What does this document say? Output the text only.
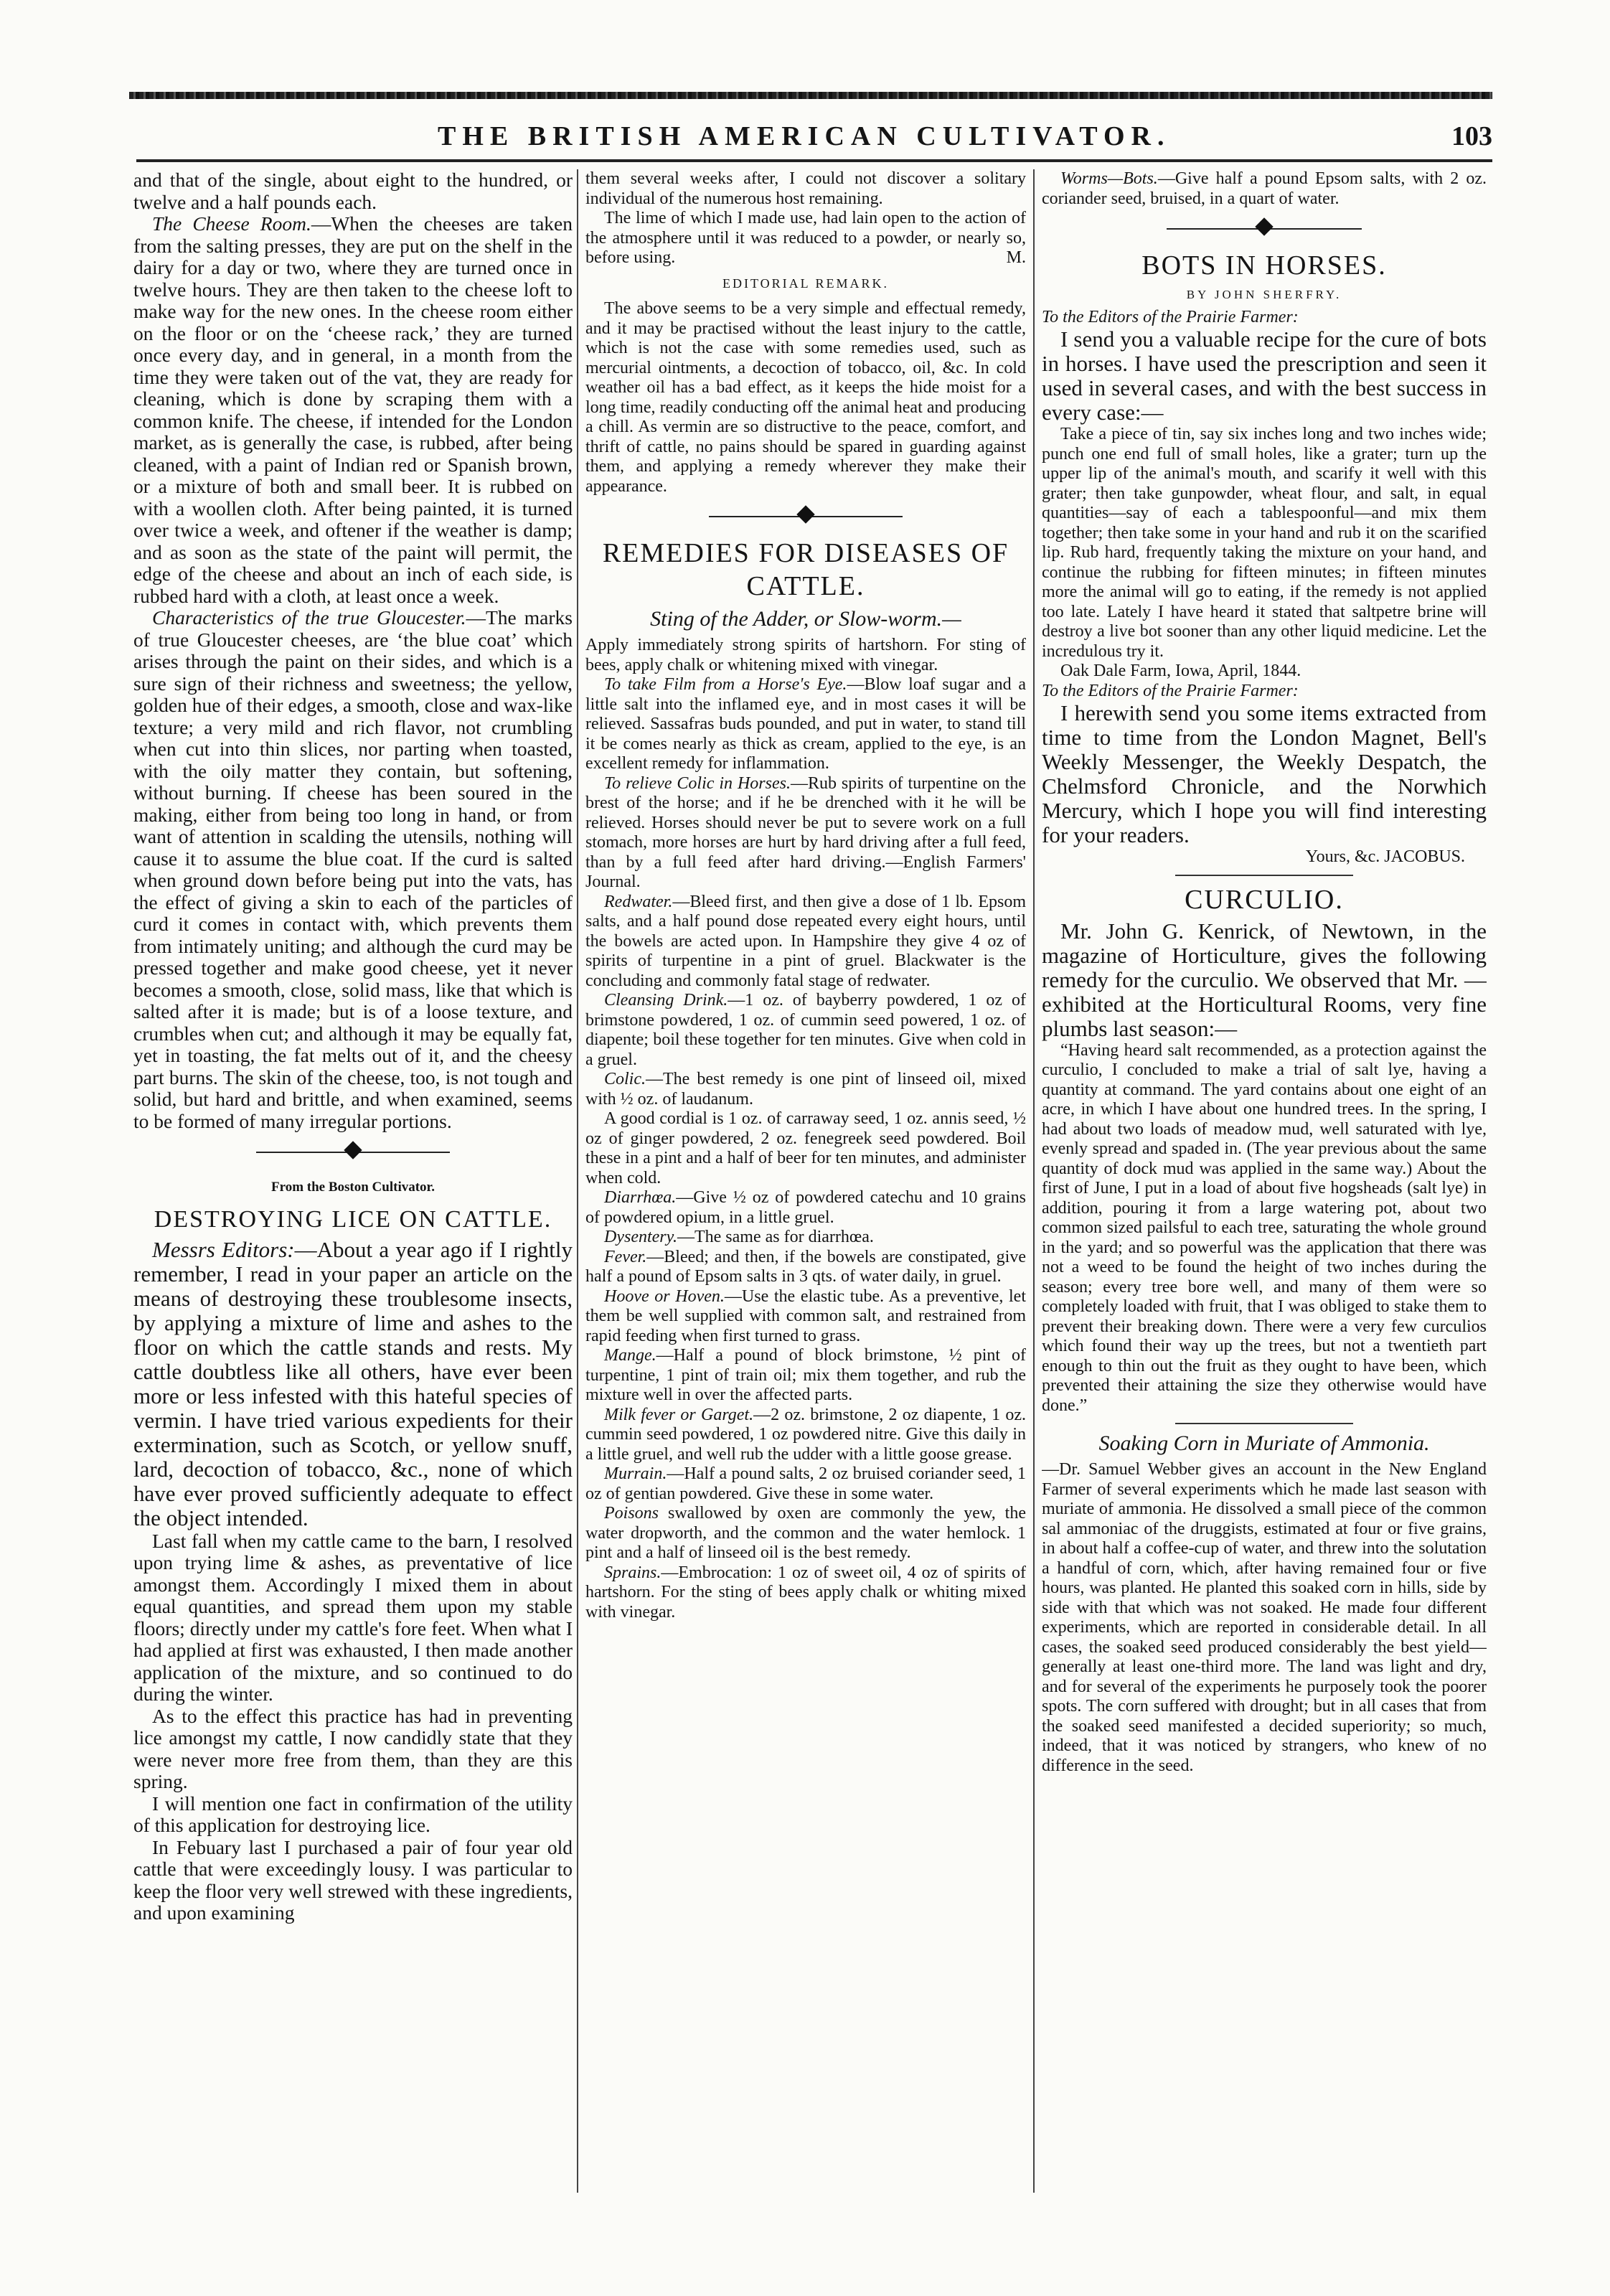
THE BRITISH AMERICAN CULTIVATOR.	103

and that of the single, about eight to the hundred, or twelve and a half pounds each.

The Cheese Room.—When the cheeses are taken from the salting presses, they are put on the shelf in the dairy for a day or two, where they are turned once in twelve hours. They are then taken to the cheese loft to make way for the new ones. In the cheese room either on the floor or on the ‘cheese rack,’ they are turned once every day, and in general, in a month from the time they were taken out of the vat, they are ready for cleaning, which is done by scraping them with a common knife. The cheese, if intended for the London market, as is generally the case, is rubbed, after being cleaned, with a paint of Indian red or Spanish brown, or a mixture of both and small beer. It is rubbed on with a woollen cloth. After being painted, it is turned over twice a week, and oftener if the weather is damp; and as soon as the state of the paint will permit, the edge of the cheese and about an inch of each side, is rubbed hard with a cloth, at least once a week.

Characteristics of the true Gloucester.—The marks of true Gloucester cheeses, are ‘the blue coat’ which arises through the paint on their sides, and which is a sure sign of their richness and sweetness; the yellow, golden hue of their edges, a smooth, close and wax-like texture; a very mild and rich flavor, not crumbling when cut into thin slices, nor parting when toasted, with the oily matter they contain, but softening, without burning. If cheese has been soured in the making, either from being too long in hand, or from want of attention in scalding the utensils, nothing will cause it to assume the blue coat. If the curd is salted when ground down before being put into the vats, has the effect of giving a skin to each of the particles of curd it comes in contact with, which prevents them from intimately uniting; and although the curd may be pressed together and make good cheese, yet it never becomes a smooth, close, solid mass, like that which is salted after it is made; but is of a loose texture, and crumbles when cut; and although it may be equally fat, yet in toasting, the fat melts out of it, and the cheesy part burns. The skin of the cheese, too, is not tough and solid, but hard and brittle, and when examined, seems to be formed of many irregular portions.

From the Boston Cultivator.
DESTROYING LICE ON CATTLE.

Messrs Editors:—About a year ago if I rightly remember, I read in your paper an article on the means of destroying these troublesome insects, by applying a mixture of lime and ashes to the floor on which the cattle stands and rests. My cattle doubtless like all others, have ever been more or less infested with this hateful species of vermin. I have tried various expedients for their extermination, such as Scotch, or yellow snuff, lard, decoction of tobacco, &c., none of which have ever proved sufficiently adequate to effect the object intended.

Last fall when my cattle came to the barn, I resolved upon trying lime & ashes, as preventative of lice amongst them. Accordingly I mixed them in about equal quantities, and spread them upon my stable floors; directly under my cattle's fore feet. When what I had applied at first was exhausted, I then made another application of the mixture, and so continued to do during the winter.

As to the effect this practice has had in preventing lice amongst my cattle, I now candidly state that they were never more free from them, than they are this spring.

I will mention one fact in confirmation of the utility of this application for destroying lice.

In Febuary last I purchased a pair of four year old cattle that were exceedingly lousy. I was particular to keep the floor very well strewed with these ingredients, and upon examining

them several weeks after, I could not discover a solitary individual of the numerous host remaining.

The lime of which I made use, had lain open to the action of the atmosphere until it was reduced to a powder, or nearly so, before using.	M.

EDITORIAL REMARK.

The above seems to be a very simple and effectual remedy, and it may be practised without the least injury to the cattle, which is not the case with some remedies used, such as mercurial ointments, a decoction of tobacco, oil, &c. In cold weather oil has a bad effect, as it keeps the hide moist for a long time, readily conducting off the animal heat and producing a chill. As vermin are so distructive to the peace, comfort, and thrift of cattle, no pains should be spared in guarding against them, and applying a remedy wherever they make their appearance.

REMEDIES FOR DISEASES OF CATTLE.
Sting of the Adder, or Slow-worm.—

Apply immediately strong spirits of hartshorn. For sting of bees, apply chalk or whitening mixed with vinegar.

To take Film from a Horse's Eye.—Blow loaf sugar and a little salt into the inflamed eye, and in most cases it will be relieved. Sassafras buds pounded, and put in water, to stand till it be comes nearly as thick as cream, applied to the eye, is an excellent remedy for inflammation.

To relieve Colic in Horses.—Rub spirits of turpentine on the brest of the horse; and if he be drenched with it he will be relieved. Horses should never be put to severe work on a full stomach, more horses are hurt by hard driving after a full feed, than by a full feed after hard driving.—English Farmers' Journal.

Redwater.—Bleed first, and then give a dose of 1 lb. Epsom salts, and a half pound dose repeated every eight hours, until the bowels are acted upon. In Hampshire they give 4 oz of spirits of turpentine in a pint of gruel. Blackwater is the concluding and commonly fatal stage of redwater.

Cleansing Drink.—1 oz. of bayberry powdered, 1 oz of brimstone powdered, 1 oz. of cummin seed powered, 1 oz. of diapente; boil these together for ten minutes. Give when cold in a gruel.

Colic.—The best remedy is one pint of linseed oil, mixed with ½ oz. of laudanum.

A good cordial is 1 oz. of carraway seed, 1 oz. annis seed, ½ oz of ginger powdered, 2 oz. fenegreek seed powdered. Boil these in a pint and a half of beer for ten minutes, and administer when cold.

Diarrhœa.—Give ½ oz of powdered catechu and 10 grains of powdered opium, in a little gruel.

Dysentery.—The same as for diarrhœa.

Fever.—Bleed; and then, if the bowels are constipated, give half a pound of Epsom salts in 3 qts. of water daily, in gruel.

Hoove or Hoven.—Use the elastic tube. As a preventive, let them be well supplied with common salt, and restrained from rapid feeding when first turned to grass.

Mange.—Half a pound of block brimstone, ½ pint of turpentine, 1 pint of train oil; mix them together, and rub the mixture well in over the affected parts.

Milk fever or Garget.—2 oz. brimstone, 2 oz diapente, 1 oz. cummin seed powdered, 1 oz powdered nitre. Give this daily in a little gruel, and well rub the udder with a little goose grease.

Murrain.—Half a pound salts, 2 oz bruised coriander seed, 1 oz of gentian powdered. Give these in some water.

Poisons swallowed by oxen are commonly the yew, the water dropworth, and the common and the water hemlock. 1 pint and a half of linseed oil is the best remedy.

Sprains.—Embrocation: 1 oz of sweet oil, 4 oz of spirits of hartshorn. For the sting of bees apply chalk or whiting mixed with vinegar.

Worms—Bots.—Give half a pound Epsom salts, with 2 oz. coriander seed, bruised, in a quart of water.

BOTS IN HORSES.
BY JOHN SHERFRY.

To the Editors of the Prairie Farmer:

I send you a valuable recipe for the cure of bots in horses. I have used the prescription and seen it used in several cases, and with the best success in every case:—

Take a piece of tin, say six inches long and two inches wide; punch one end full of small holes, like a grater; turn up the upper lip of the animal's mouth, and scarify it well with this grater; then take gunpowder, wheat flour, and salt, in equal quantities—say of each a tablespoonful—and mix them together; then take some in your hand and rub it on the scarified lip. Rub hard, frequently taking the mixture on your hand, and continue the rubbing for fifteen minutes; in fifteen minutes more the animal will go to eating, if the remedy is not applied too late. Lately I have heard it stated that saltpetre brine will destroy a live bot sooner than any other liquid medicine. Let the incredulous try it.

Oak Dale Farm, Iowa, April, 1844.

To the Editors of the Prairie Farmer:

I herewith send you some items extracted from time to time from the London Magnet, Bell's Weekly Messenger, the Weekly Despatch, the Chelmsford Chronicle, and the Norwhich Mercury, which I hope you will find interesting for your readers.

Yours, &c. JACOBUS.

CURCULIO.

Mr. John G. Kenrick, of Newtown, in the magazine of Horticulture, gives the following remedy for the curculio. We observed that Mr. — exhibited at the Horticultural Rooms, very fine plumbs last season:—

“Having heard salt recommended, as a protection against the curculio, I concluded to make a trial of salt lye, having a quantity at command. The yard contains about one eight of an acre, in which I have about one hundred trees. In the spring, I had about two loads of meadow mud, well saturated with lye, evenly spread and spaded in. (The year previous about the same quantity of dock mud was applied in the same way.) About the first of June, I put in a load of about five hogsheads (salt lye) in addition, pouring it from a large watering pot, about two common sized pailsful to each tree, saturating the whole ground in the yard; and so powerful was the application that there was not a weed to be found the height of two inches during the season; every tree bore well, and many of them were so completely loaded with fruit, that I was obliged to stake them to prevent their breaking down. There were a very few curculios which found their way up the trees, but not a twentieth part enough to thin out the fruit as they ought to have been, which prevented their attaining the size they otherwise would have done.”

Soaking Corn in Muriate of Ammonia.

—Dr. Samuel Webber gives an account in the New England Farmer of several experiments which he made last season with muriate of ammonia. He dissolved a small piece of the common sal ammoniac of the druggists, estimated at four or five grains, in about half a coffee-cup of water, and threw into the solutation a handful of corn, which, after having remained four or five hours, was planted. He planted this soaked corn in hills, side by side with that which was not soaked. He made four different experiments, which are reported in considerable detail. In all cases, the soaked seed produced considerably the best yield—generally at least one-third more. The land was light and dry, and for several of the experiments he purposely took the poorer spots. The corn suffered with drought; but in all cases that from the soaked seed manifested a decided superiority; so much, indeed, that it was noticed by strangers, who knew of no difference in the seed.
